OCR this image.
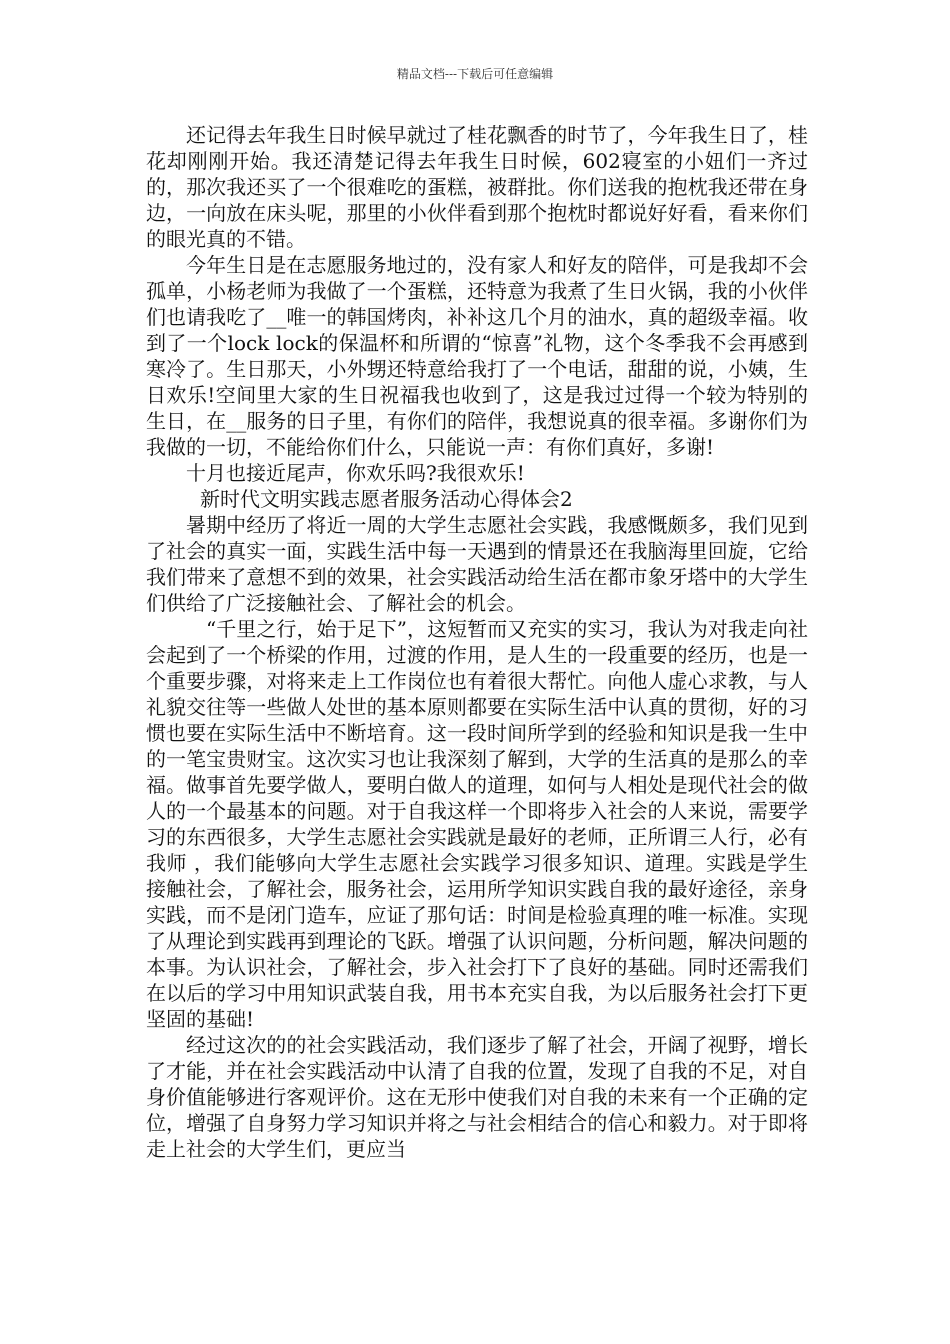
精品文档---下载后可任意编辑

还记得去年我生日时候早就过了桂花飘香的时节了，今年我生日了，桂花却刚刚开始。我还清楚记得去年我生日时候，602寝室的小妞们一齐过的，那次我还买了一个很难吃的蛋糕，被群批。你们送我的抱枕我还带在身边，一向放在床头呢，那里的小伙伴看到那个抱枕时都说好好看，看来你们的眼光真的不错。

今年生日是在志愿服务地过的，没有家人和好友的陪伴，可是我却不会孤单，小杨老师为我做了一个蛋糕，还特意为我煮了生日火锅，我的小伙伴们也请我吃了__唯一的韩国烤肉，补补这几个月的油水，真的超级幸福。收到了一个lock lock的保温杯和所谓的“惊喜”礼物，这个冬季我不会再感到寒冷了。生日那天，小外甥还特意给我打了一个电话，甜甜的说，小姨，生日欢乐!空间里大家的生日祝福我也收到了，这是我过过得一个较为特别的生日，在__服务的日子里，有你们的陪伴，我想说真的很幸福。多谢你们为我做的一切，不能给你们什么，只能说一声：有你们真好，多谢!

十月也接近尾声，你欢乐吗?我很欢乐!

新时代文明实践志愿者服务活动心得体会2

暑期中经历了将近一周的大学生志愿社会实践，我感慨颇多，我们见到了社会的真实一面，实践生活中每一天遇到的情景还在我脑海里回旋，它给我们带来了意想不到的效果，社会实践活动给生活在都市象牙塔中的大学生们供给了广泛接触社会、了解社会的机会。

“千里之行，始于足下”，这短暂而又充实的实习，我认为对我走向社会起到了一个桥梁的作用，过渡的作用，是人生的一段重要的经历，也是一个重要步骤，对将来走上工作岗位也有着很大帮忙。向他人虚心求教，与人礼貌交往等一些做人处世的基本原则都要在实际生活中认真的贯彻，好的习惯也要在实际生活中不断培育。这一段时间所学到的经验和知识是我一生中的一笔宝贵财宝。这次实习也让我深刻了解到，大学的生活真的是那么的幸福。做事首先要学做人，要明白做人的道理，如何与人相处是现代社会的做人的一个最基本的问题。对于自我这样一个即将步入社会的人来说，需要学习的东西很多，大学生志愿社会实践就是最好的老师，正所谓三人行，必有我师 ，我们能够向大学生志愿社会实践学习很多知识、道理。实践是学生接触社会，了解社会，服务社会，运用所学知识实践自我的最好途径，亲身实践，而不是闭门造车，应证了那句话：时间是检验真理的唯一标准。实现了从理论到实践再到理论的飞跃。增强了认识问题，分析问题，解决问题的本事。为认识社会，了解社会，步入社会打下了良好的基础。同时还需我们在以后的学习中用知识武装自我，用书本充实自我，为以后服务社会打下更坚固的基础!

经过这次的的社会实践活动，我们逐步了解了社会，开阔了视野，增长了才能，并在社会实践活动中认清了自我的位置，发现了自我的不足，对自身价值能够进行客观评价。这在无形中使我们对自我的未来有一个正确的定位，增强了自身努力学习知识并将之与社会相结合的信心和毅力。对于即将走上社会的大学生们，更应当
